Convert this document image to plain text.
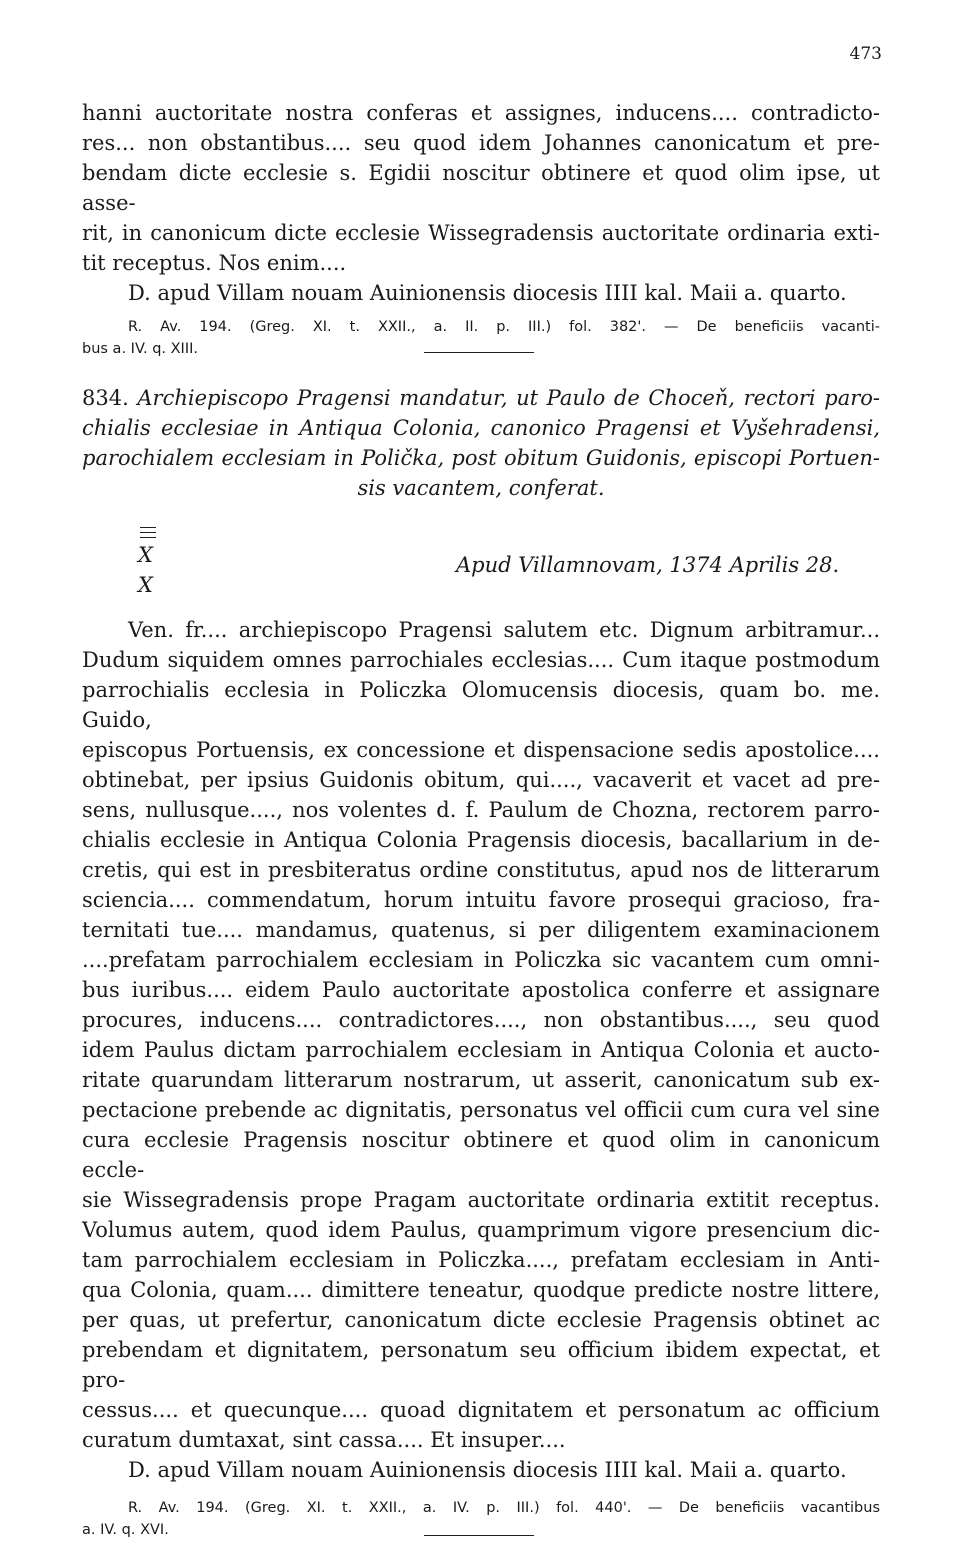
473

hanni auctoritate nostra conferas et assignes, inducens.... contradicto-
res... non obstantibus.... seu quod idem Johannes canonicatum et pre-
bendam dicte ecclesie s. Egidii noscitur obtinere et quod olim ipse, ut asse-
rit, in canonicum dicte ecclesie Wissegradensis auctoritate ordinaria exti-
tit receptus. Nos enim....
D. apud Villam nouam Auinionensis diocesis IIII kal. Maii a. quarto.

R. Av. 194. (Greg. XI. t. XXII., a. II. p. III.) fol. 382'. — De beneficiis vacanti-
bus a. IV. q. XIII.

834. Archiepiscopo Pragensi mandatur, ut Paulo de Choceň, rectori paro-
chialis ecclesiae in Antiqua Colonia, canonico Pragensi et Vyšehradensi,
parochialem ecclesiam in Polička, post obitum Guidonis, episcopi Portuen-
sis vacantem, conferat.

X
X
Apud Villamnovam, 1374 Aprilis 28.

Ven. fr.... archiepiscopo Pragensi salutem etc. Dignum arbitramur...
Dudum siquidem omnes parrochiales ecclesias.... Cum itaque postmodum
parrochialis ecclesia in Policzka Olomucensis diocesis, quam bo. me. Guido,
episcopus Portuensis, ex concessione et dispensacione sedis apostolice....
obtinebat, per ipsius Guidonis obitum, qui...., vacaverit et vacet ad pre-
sens, nullusque...., nos volentes d. f. Paulum de Chozna, rectorem parro-
chialis ecclesie in Antiqua Colonia Pragensis diocesis, bacallarium in de-
cretis, qui est in presbiteratus ordine constitutus, apud nos de litterarum
sciencia.... commendatum, horum intuitu favore prosequi gracioso, fra-
ternitati tue.... mandamus, quatenus, si per diligentem examinacionem
....prefatam parrochialem ecclesiam in Policzka sic vacantem cum omni-
bus iuribus.... eidem Paulo auctoritate apostolica conferre et assignare
procures, inducens.... contradictores...., non obstantibus...., seu quod
idem Paulus dictam parrochialem ecclesiam in Antiqua Colonia et aucto-
ritate quarundam litterarum nostrarum, ut asserit, canonicatum sub ex-
pectacione prebende ac dignitatis, personatus vel officii cum cura vel sine
cura ecclesie Pragensis noscitur obtinere et quod olim in canonicum eccle-
sie Wissegradensis prope Pragam auctoritate ordinaria extitit receptus.
Volumus autem, quod idem Paulus, quamprimum vigore presencium dic-
tam parrochialem ecclesiam in Policzka...., prefatam ecclesiam in Anti-
qua Colonia, quam.... dimittere teneatur, quodque predicte nostre littere,
per quas, ut prefertur, canonicatum dicte ecclesie Pragensis obtinet ac
prebendam et dignitatem, personatum seu officium ibidem expectat, et pro-
cessus.... et quecunque.... quoad dignitatem et personatum ac officium
curatum dumtaxat, sint cassa.... Et insuper....
D. apud Villam nouam Auinionensis diocesis IIII kal. Maii a. quarto.

R. Av. 194. (Greg. XI. t. XXII., a. IV. p. III.) fol. 440'. — De beneficiis vacantibus
a. IV. q. XVI.
